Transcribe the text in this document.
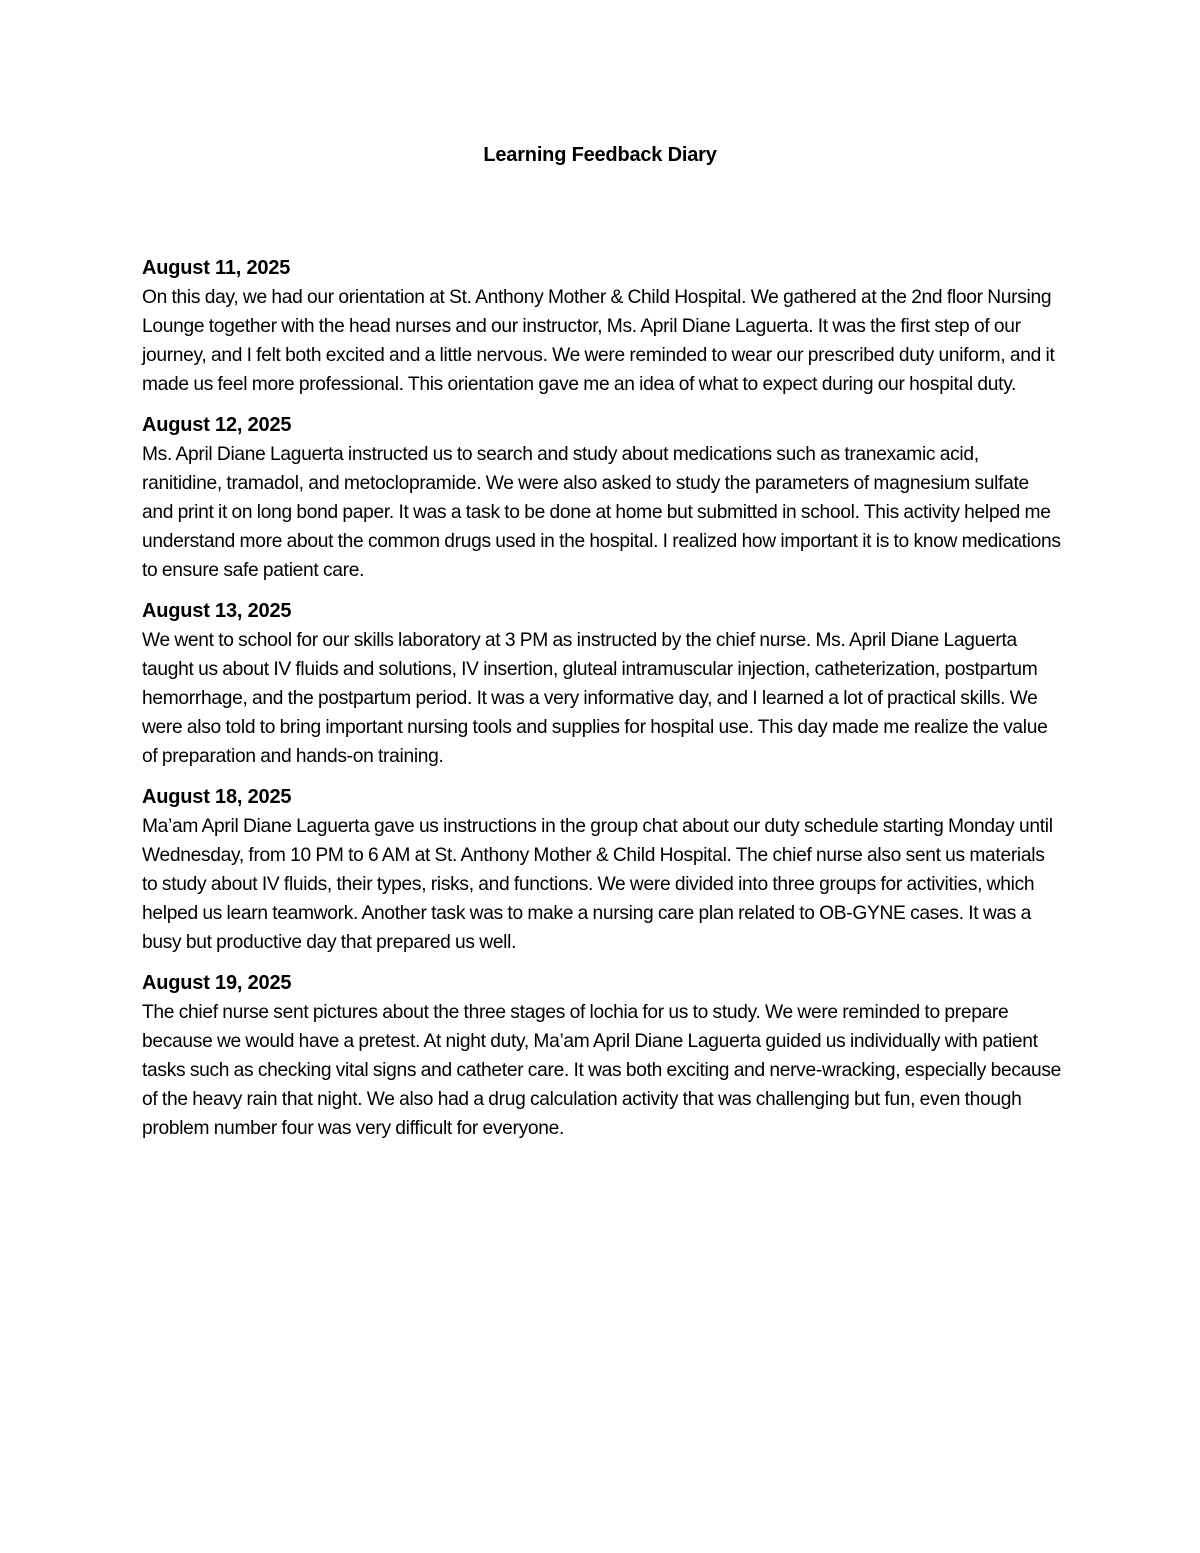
Learning Feedback Diary

August 11, 2025

On this day, we had our orientation at St. Anthony Mother & Child Hospital. We gathered at the 2nd floor Nursing Lounge together with the head nurses and our instructor, Ms. April Diane Laguerta. It was the first step of our journey, and I felt both excited and a little nervous. We were reminded to wear our prescribed duty uniform, and it made us feel more professional. This orientation gave me an idea of what to expect during our hospital duty.

August 12, 2025

Ms. April Diane Laguerta instructed us to search and study about medications such as tranexamic acid, ranitidine, tramadol, and metoclopramide. We were also asked to study the parameters of magnesium sulfate and print it on long bond paper. It was a task to be done at home but submitted in school. This activity helped me understand more about the common drugs used in the hospital. I realized how important it is to know medications to ensure safe patient care.

August 13, 2025

We went to school for our skills laboratory at 3 PM as instructed by the chief nurse. Ms. April Diane Laguerta taught us about IV fluids and solutions, IV insertion, gluteal intramuscular injection, catheterization, postpartum hemorrhage, and the postpartum period. It was a very informative day, and I learned a lot of practical skills. We were also told to bring important nursing tools and supplies for hospital use. This day made me realize the value of preparation and hands-on training.

August 18, 2025

Ma’am April Diane Laguerta gave us instructions in the group chat about our duty schedule starting Monday until Wednesday, from 10 PM to 6 AM at St. Anthony Mother & Child Hospital. The chief nurse also sent us materials to study about IV fluids, their types, risks, and functions. We were divided into three groups for activities, which helped us learn teamwork. Another task was to make a nursing care plan related to OB-GYNE cases. It was a busy but productive day that prepared us well.

August 19, 2025

The chief nurse sent pictures about the three stages of lochia for us to study. We were reminded to prepare because we would have a pretest. At night duty, Ma’am April Diane Laguerta guided us individually with patient tasks such as checking vital signs and catheter care. It was both exciting and nerve-wracking, especially because of the heavy rain that night. We also had a drug calculation activity that was challenging but fun, even though problem number four was very difficult for everyone.
